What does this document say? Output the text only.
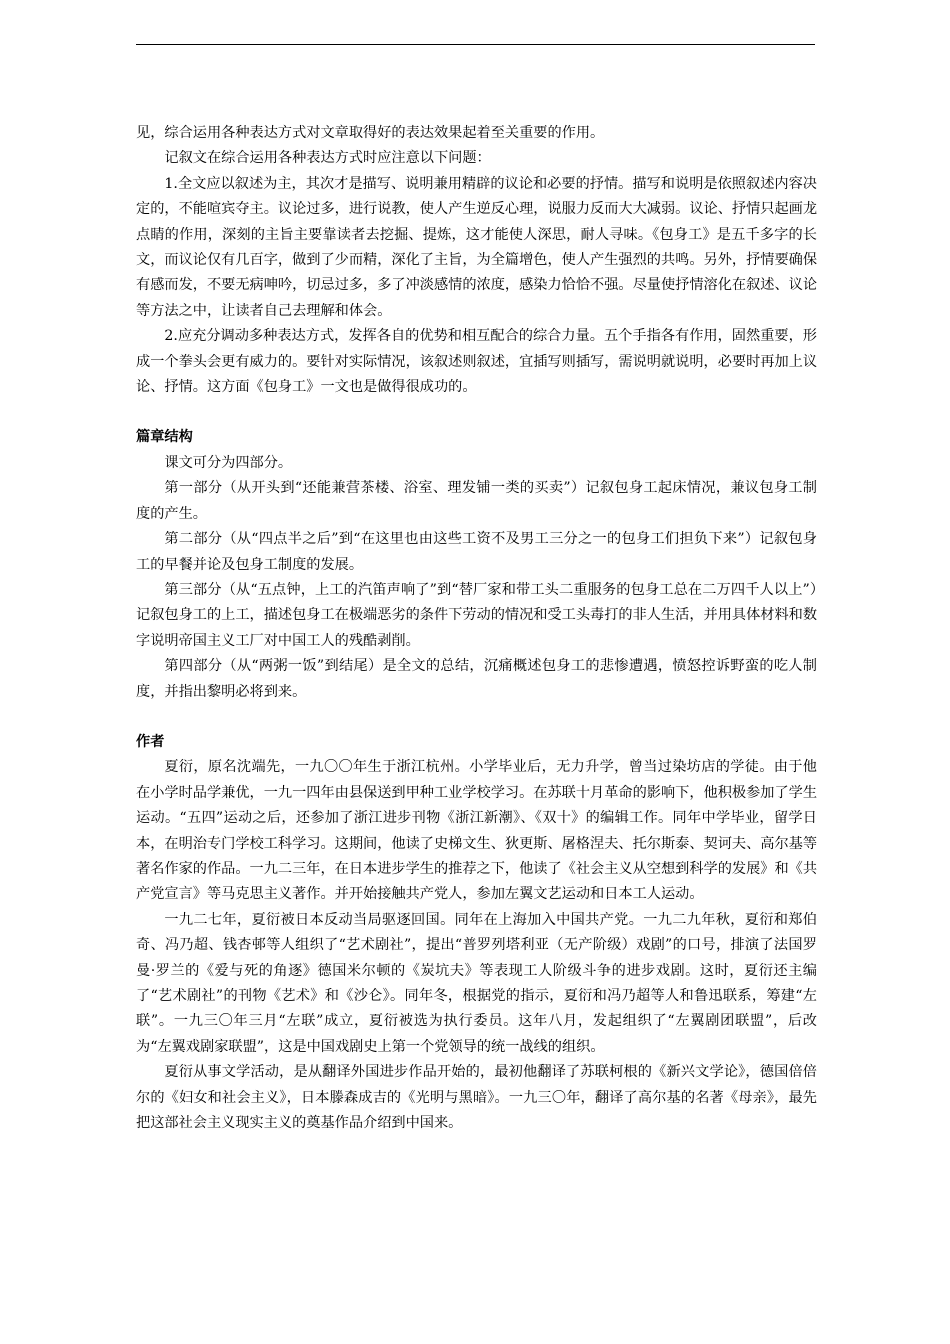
见，综合运用各种表达方式对文章取得好的表达效果起着至关重要的作用。

记叙文在综合运用各种表达方式时应注意以下问题：

1.全文应以叙述为主，其次才是描写、说明兼用精辟的议论和必要的抒情。描写和说明是依照叙述内容决定的，不能喧宾夺主。议论过多，进行说教，使人产生逆反心理，说服力反而大大减弱。议论、抒情只起画龙点睛的作用，深刻的主旨主要靠读者去挖掘、提炼，这才能使人深思，耐人寻味。《包身工》是五千多字的长文，而议论仅有几百字，做到了少而精，深化了主旨，为全篇增色，使人产生强烈的共鸣。另外，抒情要确保有感而发，不要无病呻吟，切忌过多，多了冲淡感情的浓度，感染力恰恰不强。尽量使抒情溶化在叙述、议论等方法之中，让读者自己去理解和体会。

2.应充分调动多种表达方式，发挥各自的优势和相互配合的综合力量。五个手指各有作用，固然重要，形成一个拳头会更有威力的。要针对实际情况，该叙述则叙述，宜插写则插写，需说明就说明，必要时再加上议论、抒情。这方面《包身工》一文也是做得很成功的。

篇章结构

课文可分为四部分。

第一部分（从开头到“还能兼营茶楼、浴室、理发铺一类的买卖”）记叙包身工起床情况，兼议包身工制度的产生。

第二部分（从“四点半之后”到“在这里也由这些工资不及男工三分之一的包身工们担负下来”）记叙包身工的早餐并论及包身工制度的发展。

第三部分（从“五点钟，上工的汽笛声响了”到“替厂家和带工头二重服务的包身工总在二万四千人以上”）记叙包身工的上工，描述包身工在极端恶劣的条件下劳动的情况和受工头毒打的非人生活，并用具体材料和数字说明帝国主义工厂对中国工人的残酷剥削。

第四部分（从“两粥一饭”到结尾）是全文的总结，沉痛概述包身工的悲惨遭遇，愤怒控诉野蛮的吃人制度，并指出黎明必将到来。

作者

夏衍，原名沈端先，一九〇〇年生于浙江杭州。小学毕业后，无力升学，曾当过染坊店的学徒。由于他在小学时品学兼优，一九一四年由县保送到甲种工业学校学习。在苏联十月革命的影响下，他积极参加了学生运动。“五四”运动之后，还参加了浙江进步刊物《浙江新潮》、《双十》的编辑工作。同年中学毕业，留学日本，在明治专门学校工科学习。这期间，他读了史梯文生、狄更斯、屠格涅夫、托尔斯泰、契诃夫、高尔基等著名作家的作品。一九二三年，在日本进步学生的推荐之下，他读了《社会主义从空想到科学的发展》和《共产党宣言》等马克思主义著作。并开始接触共产党人，参加左翼文艺运动和日本工人运动。

一九二七年，夏衍被日本反动当局驱逐回国。同年在上海加入中国共产党。一九二九年秋，夏衍和郑伯奇、冯乃超、钱杏邨等人组织了“艺术剧社”，提出“普罗列塔利亚（无产阶级）戏剧”的口号，排演了法国罗曼·罗兰的《爱与死的角逐》德国米尔顿的《炭坑夫》等表现工人阶级斗争的进步戏剧。这时，夏衍还主编了“艺术剧社”的刊物《艺术》和《沙仑》。同年冬，根据党的指示，夏衍和冯乃超等人和鲁迅联系，筹建“左联”。一九三〇年三月“左联”成立，夏衍被选为执行委员。这年八月，发起组织了“左翼剧团联盟”，后改为“左翼戏剧家联盟”，这是中国戏剧史上第一个党领导的统一战线的组织。

夏衍从事文学活动，是从翻译外国进步作品开始的，最初他翻译了苏联柯根的《新兴文学论》，德国倍倍尔的《妇女和社会主义》，日本滕森成吉的《光明与黑暗》。一九三〇年，翻译了高尔基的名著《母亲》，最先把这部社会主义现实主义的奠基作品介绍到中国来。
